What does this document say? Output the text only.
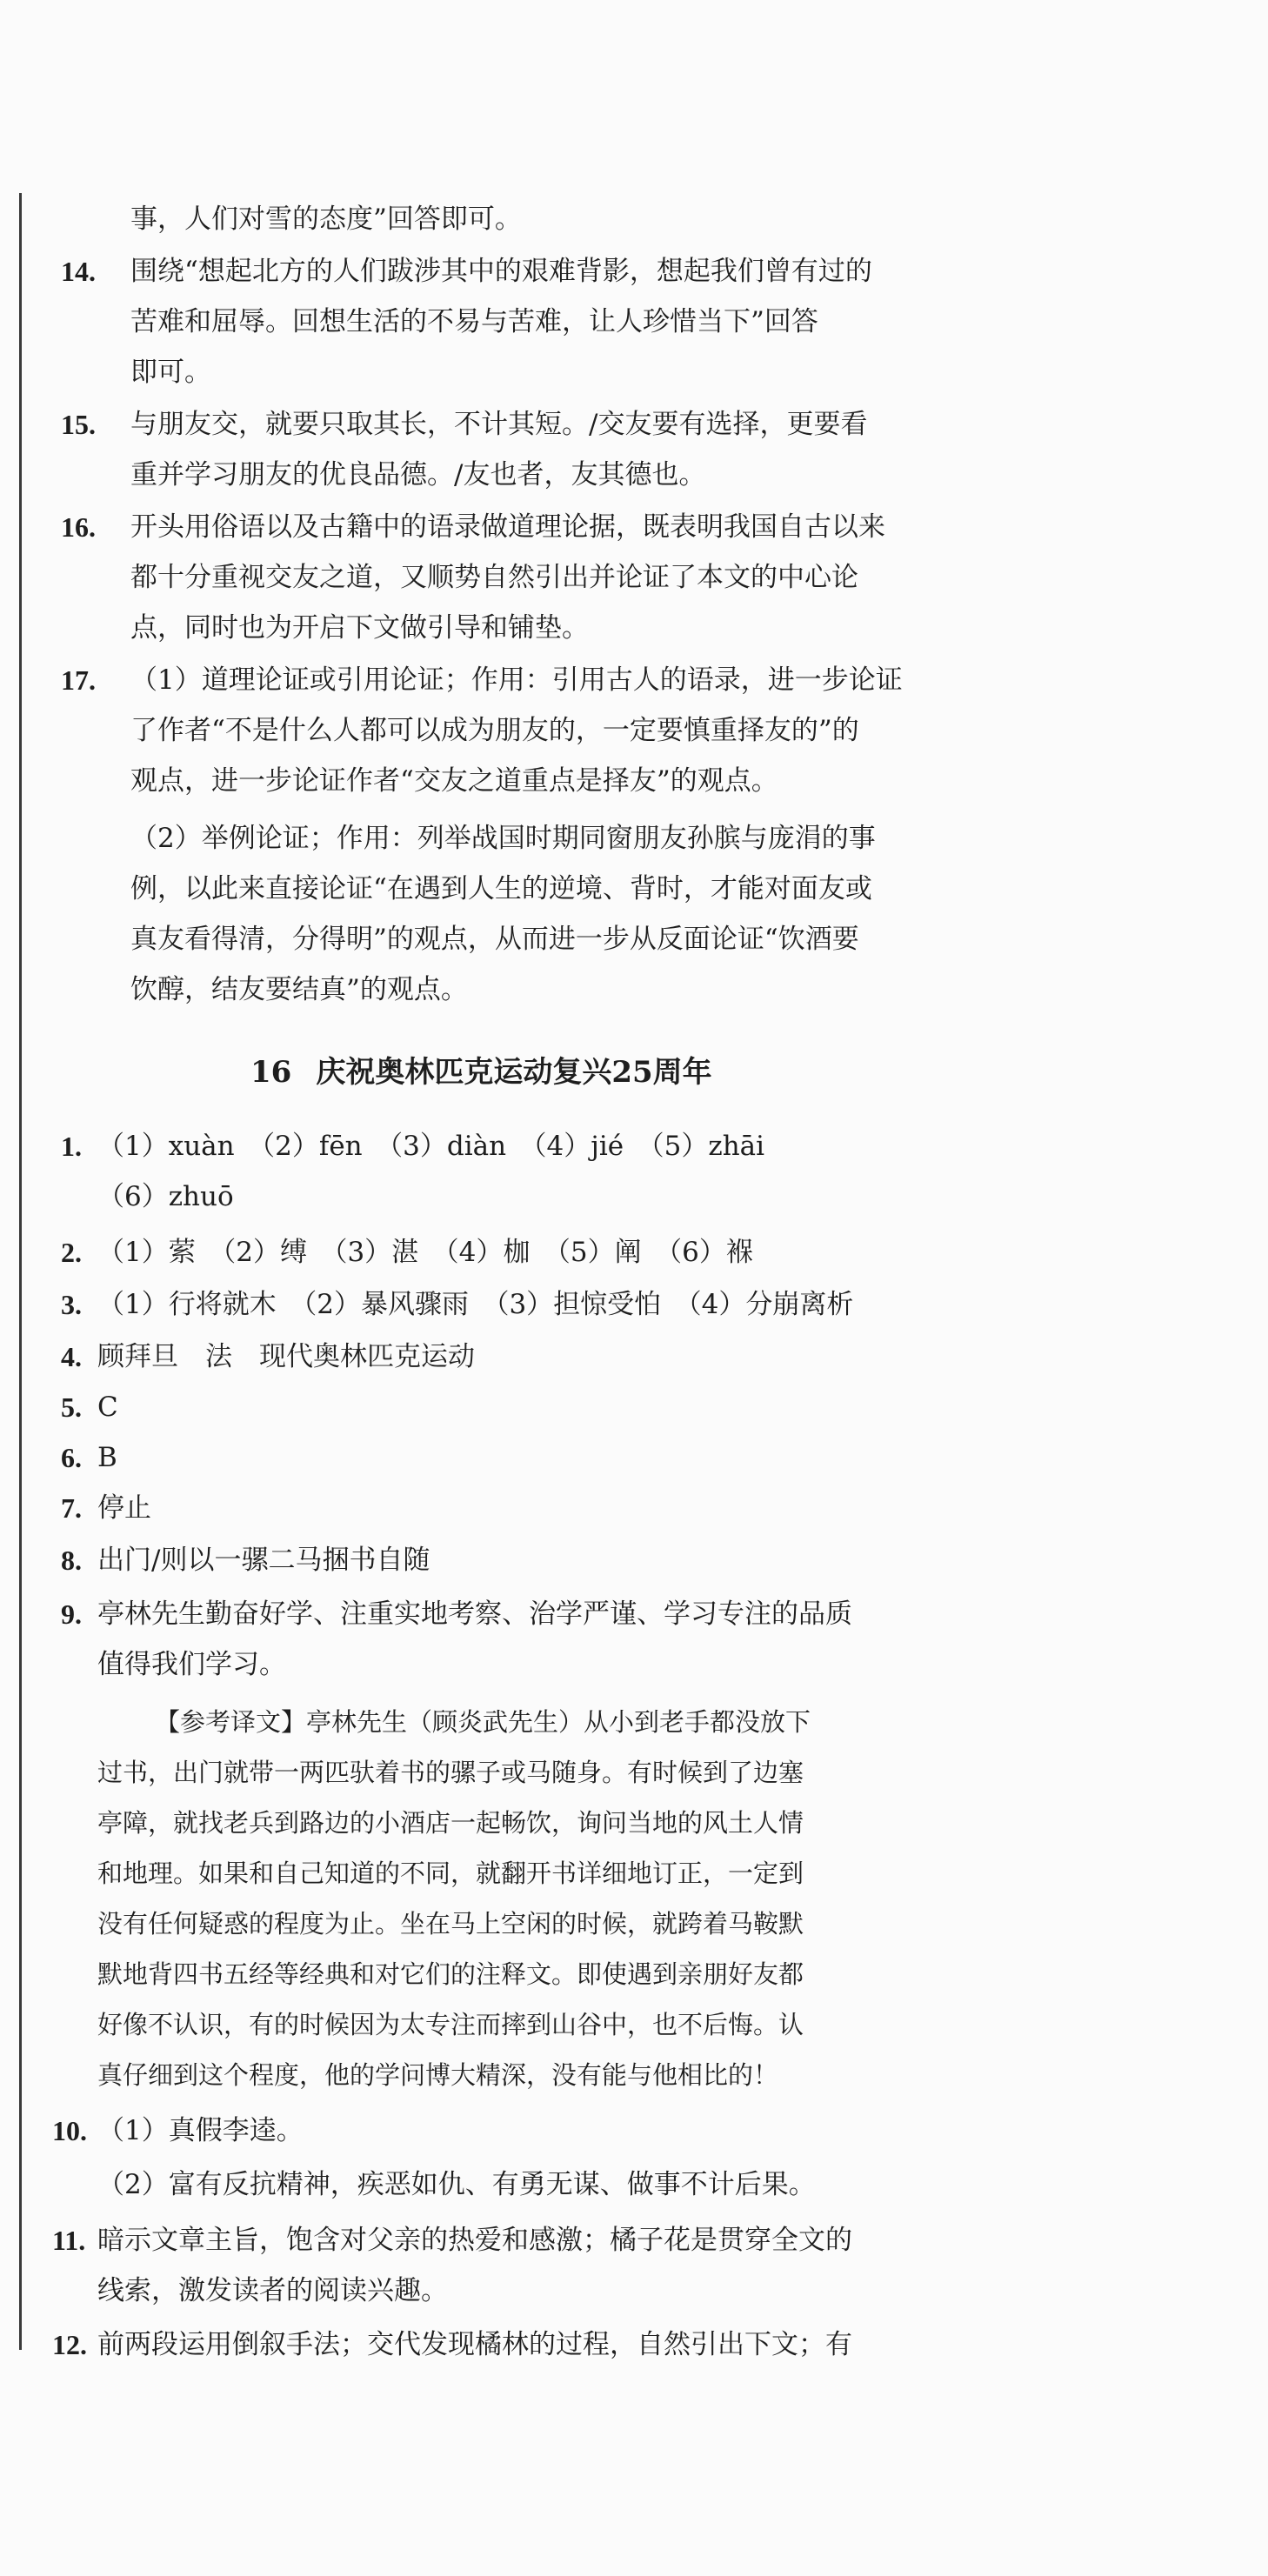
事，人们对雪的态度”回答即可。
14. 围绕“想起北方的人们跋涉其中的艰难背影，想起我们曾有过的
苦难和屈辱。回想生活的不易与苦难，让人珍惜当下”回答
即可。
15. 与朋友交，就要只取其长，不计其短。/交友要有选择，更要看
重并学习朋友的优良品德。/友也者，友其德也。
16. 开头用俗语以及古籍中的语录做道理论据，既表明我国自古以来
都十分重视交友之道，又顺势自然引出并论证了本文的中心论
点，同时也为开启下文做引导和铺垫。
17. （1）道理论证或引用论证；作用：引用古人的语录，进一步论证
了作者“不是什么人都可以成为朋友的，一定要慎重择友的”的
观点，进一步论证作者“交友之道重点是择友”的观点。
（2）举例论证；作用：列举战国时期同窗朋友孙膑与庞涓的事
例，以此来直接论证“在遇到人生的逆境、背时，才能对面友或
真友看得清，分得明”的观点，从而进一步从反面论证“饮酒要
饮醇，结友要结真”的观点。
16 庆祝奥林匹克运动复兴25周年
1. （1）xuàn　（2）fēn　（3）diàn　（4）jié　（5）zhāi
（6）zhuō
2. （1）萦　（2）缚　（3）湛　（4）枷　（5）阐　（6）褓
3. （1）行将就木　（2）暴风骤雨　（3）担惊受怕　（4）分崩离析
4. 顾拜旦　法　现代奥林匹克运动
5. C
6. B
7. 停止
8. 出门/则以一骡二马捆书自随
9. 亭林先生勤奋好学、注重实地考察、治学严谨、学习专注的品质
值得我们学习。
【参考译文】亭林先生（顾炎武先生）从小到老手都没放下
过书，出门就带一两匹驮着书的骡子或马随身。有时候到了边塞
亭障，就找老兵到路边的小酒店一起畅饮，询问当地的风土人情
和地理。如果和自己知道的不同，就翻开书详细地订正，一定到
没有任何疑惑的程度为止。坐在马上空闲的时候，就跨着马鞍默
默地背四书五经等经典和对它们的注释文。即使遇到亲朋好友都
好像不认识，有的时候因为太专注而摔到山谷中，也不后悔。认
真仔细到这个程度，他的学问博大精深，没有能与他相比的！
10. （1）真假李逵。
（2）富有反抗精神，疾恶如仇、有勇无谋、做事不计后果。
11. 暗示文章主旨，饱含对父亲的热爱和感激；橘子花是贯穿全文的
线索，激发读者的阅读兴趣。
12. 前两段运用倒叙手法；交代发现橘林的过程，自然引出下文；有
